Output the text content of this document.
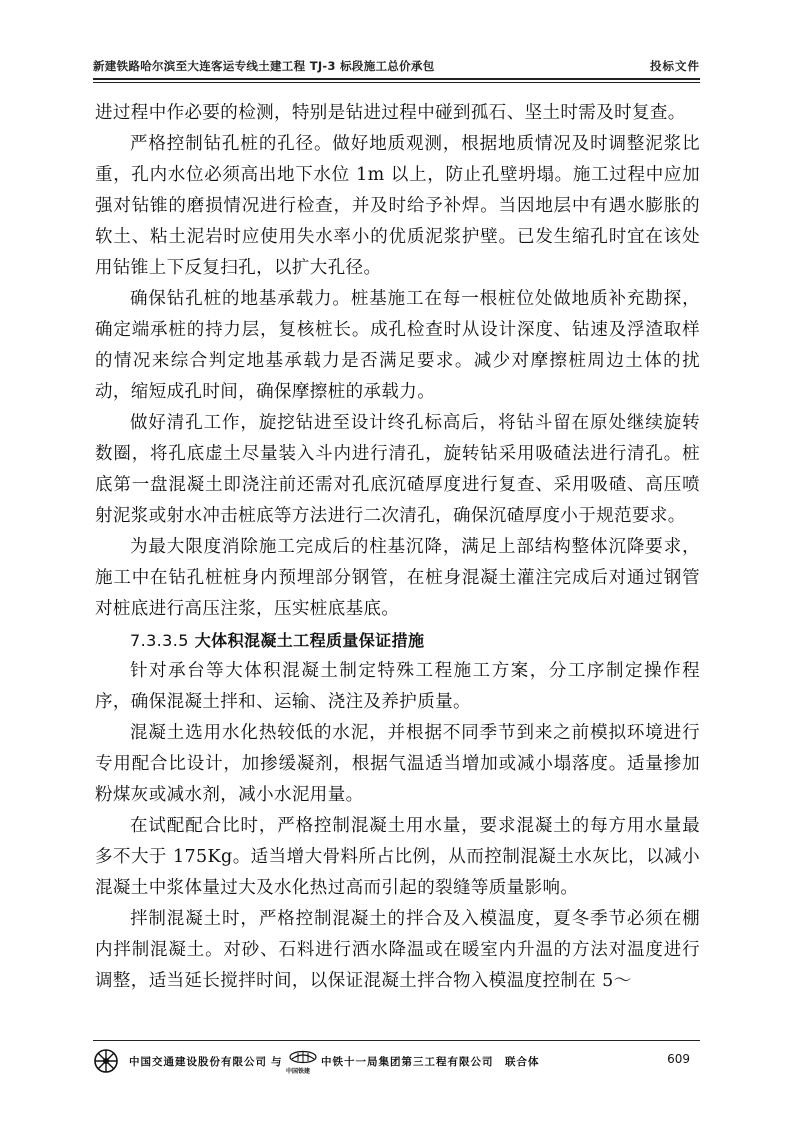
新建铁路哈尔滨至大连客运专线土建工程 TJ-3 标段施工总价承包	投标文件

进过程中作必要的检测，特别是钻进过程中碰到孤石、坚土时需及时复查。

严格控制钻孔桩的孔径。做好地质观测，根据地质情况及时调整泥浆比重，孔内水位必须高出地下水位 1m 以上，防止孔壁坍塌。施工过程中应加强对钻锥的磨损情况进行检查，并及时给予补焊。当因地层中有遇水膨胀的软土、粘土泥岩时应使用失水率小的优质泥浆护壁。已发生缩孔时宜在该处用钻锥上下反复扫孔，以扩大孔径。

确保钻孔桩的地基承载力。桩基施工在每一根桩位处做地质补充勘探，确定端承桩的持力层，复核桩长。成孔检查时从设计深度、钻速及浮渣取样的情况来综合判定地基承载力是否满足要求。减少对摩擦桩周边土体的扰动，缩短成孔时间，确保摩擦桩的承载力。

做好清孔工作，旋挖钻进至设计终孔标高后，将钻斗留在原处继续旋转数圈，将孔底虚土尽量装入斗内进行清孔，旋转钻采用吸碴法进行清孔。桩底第一盘混凝土即浇注前还需对孔底沉碴厚度进行复查、采用吸碴、高压喷射泥浆或射水冲击桩底等方法进行二次清孔，确保沉碴厚度小于规范要求。

为最大限度消除施工完成后的柱基沉降，满足上部结构整体沉降要求，施工中在钻孔桩桩身内预埋部分钢管，在桩身混凝土灌注完成后对通过钢管对桩底进行高压注浆，压实桩底基底。

7.3.3.5 大体积混凝土工程质量保证措施

针对承台等大体积混凝土制定特殊工程施工方案，分工序制定操作程序，确保混凝土拌和、运输、浇注及养护质量。

混凝土选用水化热较低的水泥，并根据不同季节到来之前模拟环境进行专用配合比设计，加掺缓凝剂，根据气温适当增加或减小塌落度。适量掺加粉煤灰或减水剂，减小水泥用量。

在试配配合比时，严格控制混凝土用水量，要求混凝土的每方用水量最多不大于 175Kg。适当增大骨料所占比例，从而控制混凝土水灰比，以减小混凝土中浆体量过大及水化热过高而引起的裂缝等质量影响。

拌制混凝土时，严格控制混凝土的拌合及入模温度，夏冬季节必须在棚内拌制混凝土。对砂、石料进行洒水降温或在暖室内升温的方法对温度进行调整，适当延长搅拌时间，以保证混凝土拌合物入模温度控制在 5～

中国交通建设股份有限公司 与
中国铁建
中铁十一局集团第三工程有限公司 联合体	609
